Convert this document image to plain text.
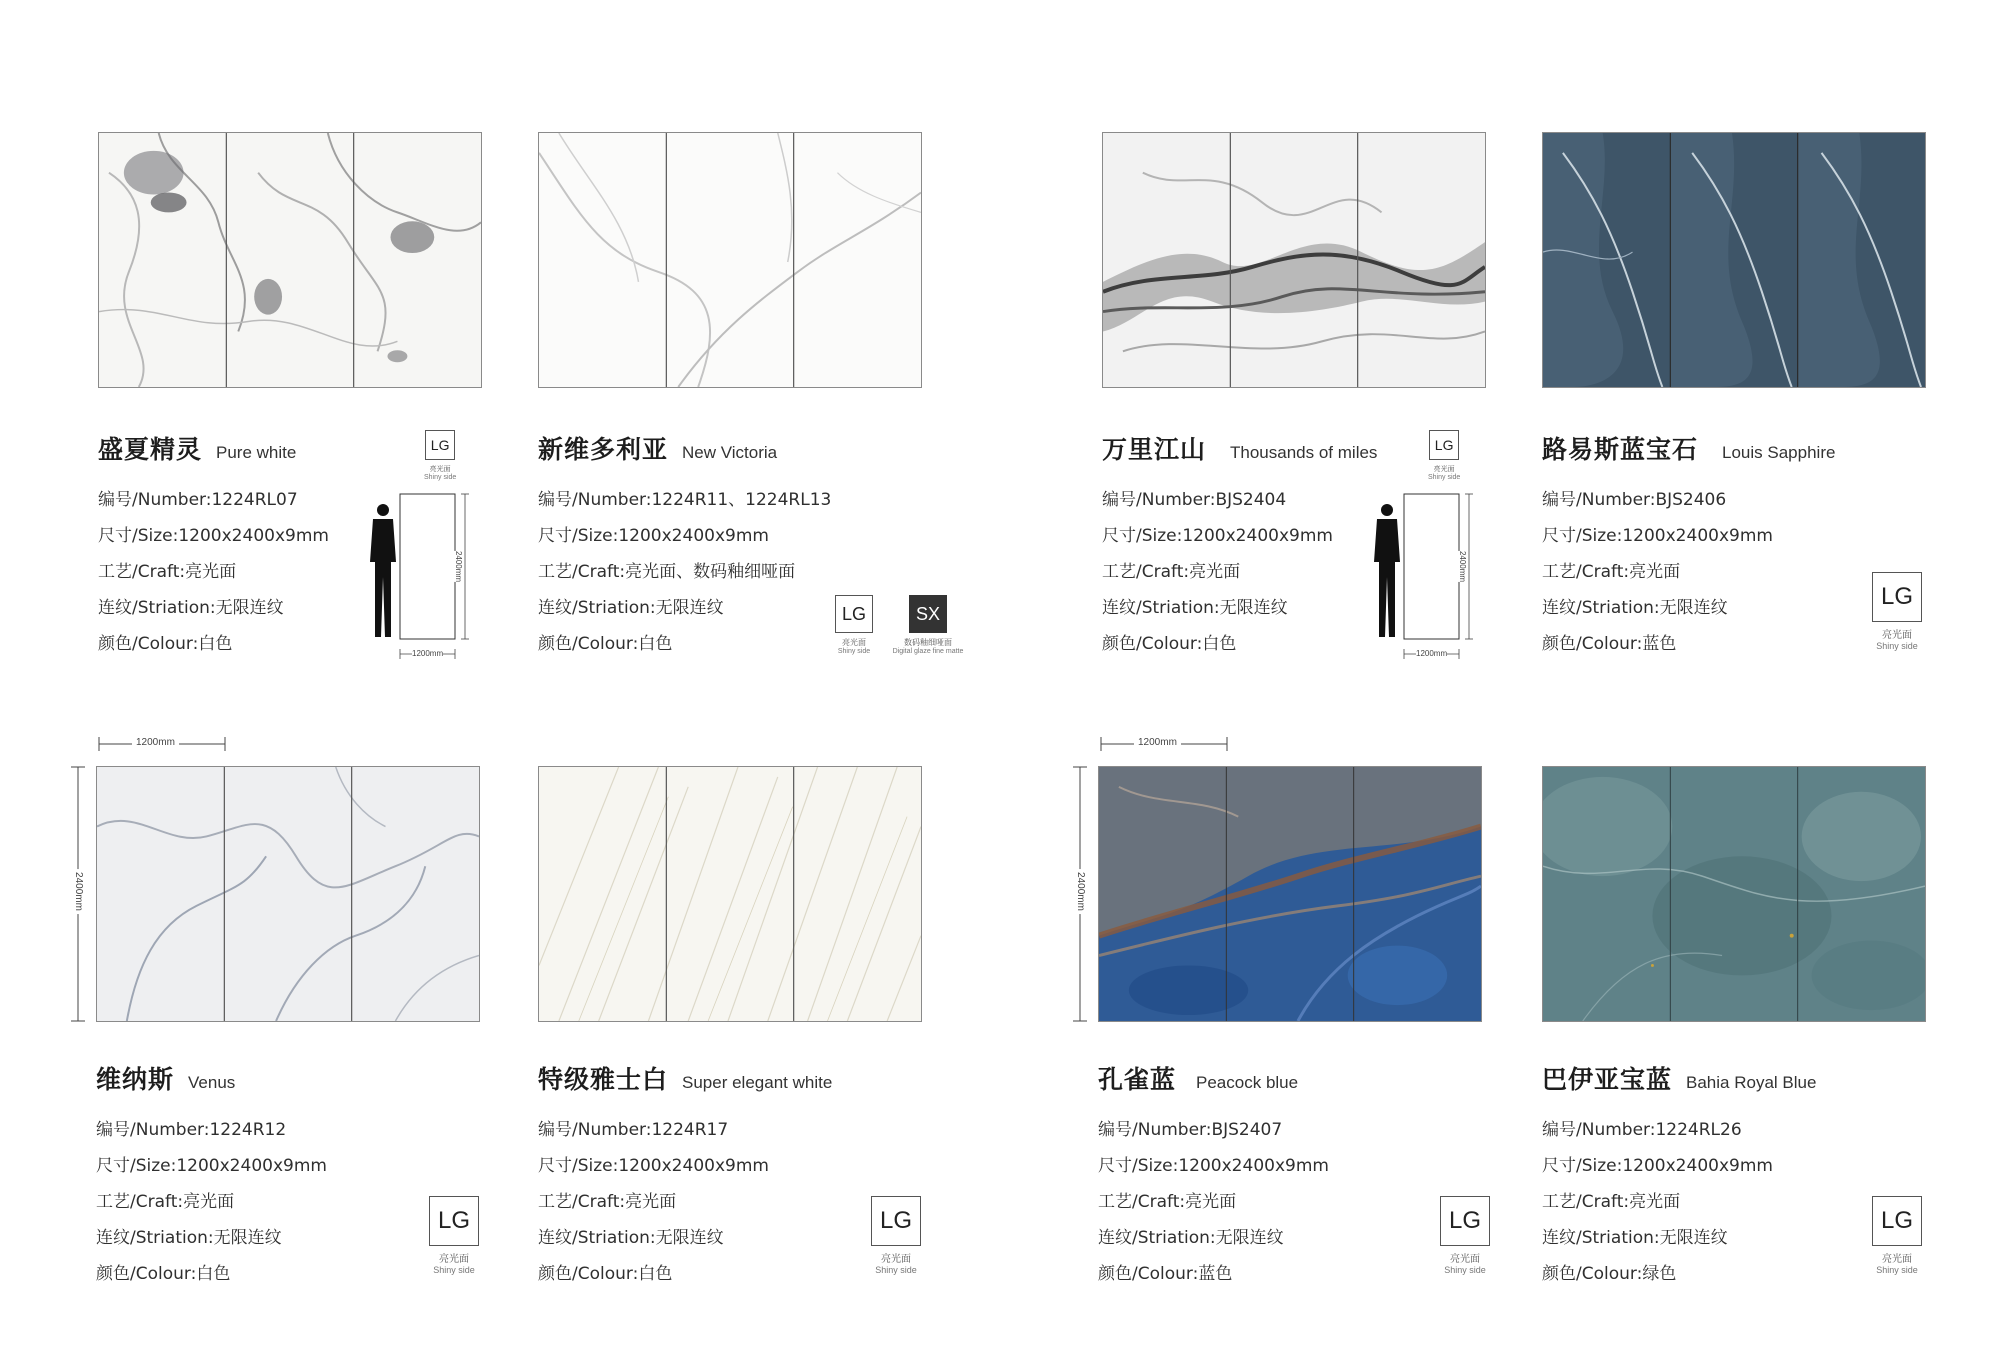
盛夏精灵 Pure white
编号/Number:1224RL07
尺寸/Size:1200x2400x9mm
工艺/Craft:亮光面
连纹/Striation:无限连纹
颜色/Colour:白色
LG
亮光面
Shiny side
1200mm
2400mm
新维多利亚 New Victoria
编号/Number:1224R11、1224RL13
尺寸/Size:1200x2400x9mm
工艺/Craft:亮光面、数码釉细哑面
连纹/Striation:无限连纹
颜色/Colour:白色
LG
亮光面
Shiny side
SX
数码釉细哑面
Digital glaze fine matte
万里江山 Thousands of miles
编号/Number:BJS2404
尺寸/Size:1200x2400x9mm
工艺/Craft:亮光面
连纹/Striation:无限连纹
颜色/Colour:白色
LG
亮光面
Shiny side
1200mm
2400mm
路易斯蓝宝石 Louis Sapphire
编号/Number:BJS2406
尺寸/Size:1200x2400x9mm
工艺/Craft:亮光面
连纹/Striation:无限连纹
颜色/Colour:蓝色
LG
亮光面
Shiny side
1200mm
2400mm
1200mm
2400mm
维纳斯 Venus
编号/Number:1224R12
尺寸/Size:1200x2400x9mm
工艺/Craft:亮光面
连纹/Striation:无限连纹
颜色/Colour:白色
LG
亮光面
Shiny side
特级雅士白 Super elegant white
编号/Number:1224R17
尺寸/Size:1200x2400x9mm
工艺/Craft:亮光面
连纹/Striation:无限连纹
颜色/Colour:白色
LG
亮光面
Shiny side
孔雀蓝 Peacock blue
编号/Number:BJS2407
尺寸/Size:1200x2400x9mm
工艺/Craft:亮光面
连纹/Striation:无限连纹
颜色/Colour:蓝色
LG
亮光面
Shiny side
巴伊亚宝蓝 Bahia Royal Blue
编号/Number:1224RL26
尺寸/Size:1200x2400x9mm
工艺/Craft:亮光面
连纹/Striation:无限连纹
颜色/Colour:绿色
LG
亮光面
Shiny side
